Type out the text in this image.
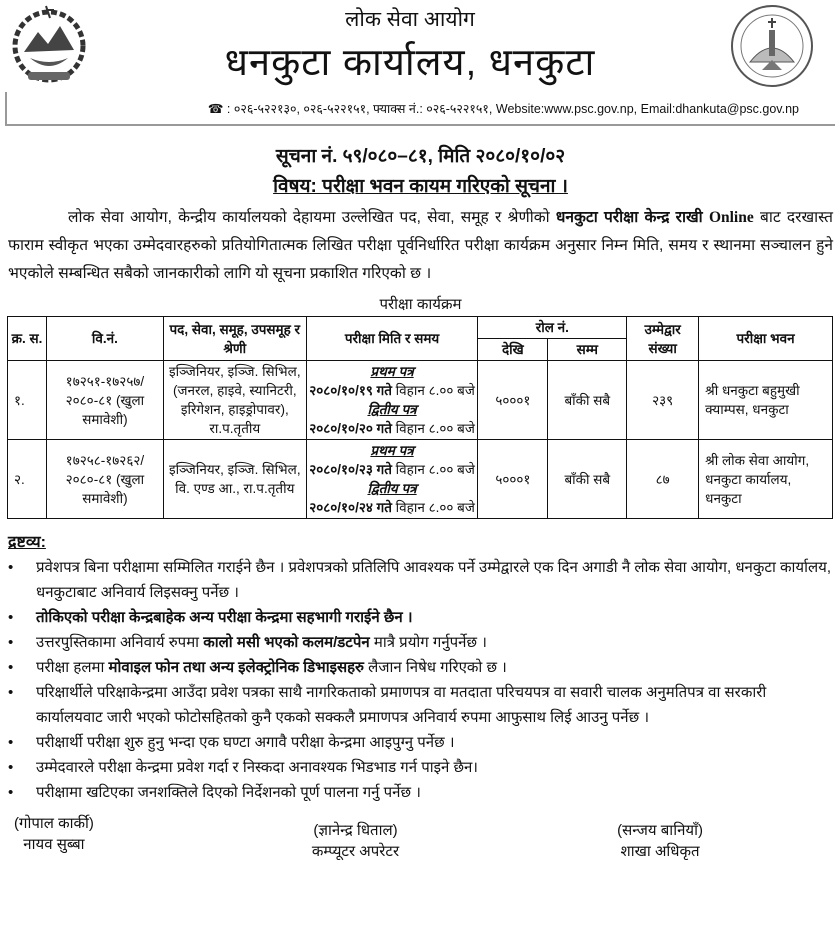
लोक सेवा आयोग
धनकुटा कार्यालय, धनकुटा
☎ : ०२६-५२२१३०, ०२६-५२२१५१, फ्याक्स नं.: ०२६-५२२१५१, Website:www.psc.gov.np, Email:dhankuta@psc.gov.np
सूचना नं. ५९/०८०–८१, मिति २०८०/१०/०२
विषय: परीक्षा भवन कायम गरिएको सूचना ।
लोक सेवा आयोग, केन्द्रीय कार्यालयको देहायमा उल्लेखित पद, सेवा, समूह र श्रेणीको धनकुटा परीक्षा केन्द्र राखी Online बाट दरखास्त फाराम स्वीकृत भएका उम्मेदवारहरुको प्रतियोगितात्मक लिखित परीक्षा पूर्वनिर्धारित परीक्षा कार्यक्रम अनुसार निम्न मिति, समय र स्थानमा सञ्चालन हुने भएकोले सम्बन्धित सबैको जानकारीको लागि यो सूचना प्रकाशित गरिएको छ ।
परीक्षा कार्यक्रम
क्र. स.	वि.नं.	पद, सेवा, समूह, उपसमूह र श्रेणी	परीक्षा मिति र समय	रोल नं.		उम्मेद्वार संख्या	परीक्षा भवन
				देखि	सम्म		
१.	१७२५१-१७२५७/ २०८०-८१ (खुला समावेशी)	इञ्जिनियर, इञ्जि. सिभिल, (जनरल, हाइवे, स्यानिटरी, इरिगेशन, हाइड्रोपावर), रा.प.तृतीय	प्रथम पत्र
२०८०/१०/१९ गते विहान ८.०० बजे
द्वितीय पत्र
२०८०/१०/२० गते विहान ८.०० बजे	५०००१	बाँकी सबै	२३९	श्री धनकुटा बहुमुखी क्याम्पस, धनकुटा
२.	१७२५८-१७२६२/ २०८०-८१ (खुला समावेशी)	इञ्जिनियर, इञ्जि. सिभिल, वि. एण्ड आ., रा.प.तृतीय	प्रथम पत्र
२०८०/१०/२३ गते विहान ८.०० बजे
द्वितीय पत्र
२०८०/१०/२४ गते विहान ८.०० बजे	५०००१	बाँकी सबै	८७	श्री लोक सेवा आयोग, धनकुटा कार्यालय, धनकुटा
द्रष्टव्य:
• प्रवेशपत्र बिना परीक्षामा सम्मिलित गराईने छैन । प्रवेशपत्रको प्रतिलिपि आवश्यक पर्ने उम्मेद्वारले एक दिन अगाडी नै लोक सेवा आयोग, धनकुटा कार्यालय, धनकुटाबाट अनिवार्य लिइसक्नु पर्नेछ ।
• तोकिएको परीक्षा केन्द्रबाहेक अन्य परीक्षा केन्द्रमा सहभागी गराईने छैन ।
• उत्तरपुस्तिकामा अनिवार्य रुपमा कालो मसी भएको कलम/डटपेन मात्रै प्रयोग गर्नुपर्नेछ ।
• परीक्षा हलमा मोवाइल फोन तथा अन्य इलेक्ट्रोनिक डिभाइसहरु लैजान निषेध गरिएको छ ।
• परिक्षार्थीले परिक्षाकेन्द्रमा आउँदा प्रवेश पत्रका साथै नागरिकताको प्रमाणपत्र वा मतदाता परिचयपत्र वा सवारी चालक अनुमतिपत्र वा सरकारी कार्यालयवाट जारी भएको फोटोसहितको कुनै एकको सक्कलै प्रमाणपत्र अनिवार्य रुपमा आफुसाथ लिई आउनु पर्नेछ ।
• परीक्षार्थी परीक्षा शुरु हुनु भन्दा एक घण्टा अगावै परीक्षा केन्द्रमा आइपुग्नु पर्नेछ ।
• उम्मेदवारले परीक्षा केन्द्रमा प्रवेश गर्दा र निस्कदा अनावश्यक भिडभाड गर्न पाइने छैन।
• परीक्षामा खटिएका जनशक्तिले दिएको निर्देशनको पूर्ण पालना गर्नु पर्नेछ ।
(गोपाल कार्की)
नायव सुब्बा
(ज्ञानेन्द्र धिताल)
कम्प्यूटर अपरेटर
(सन्जय बानियाँ)
शाखा अधिकृत
